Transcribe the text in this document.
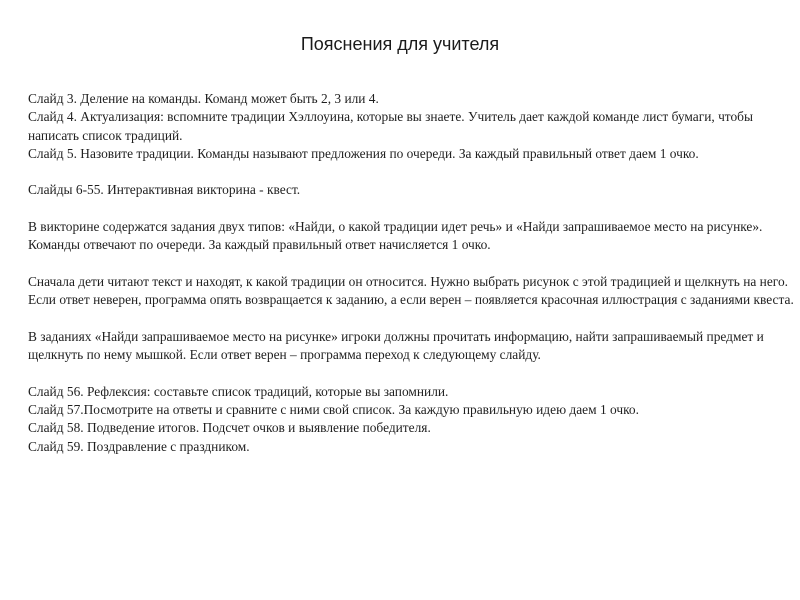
Пояснения для учителя

Слайд 3. Деление на команды. Команд может быть 2, 3 или 4.

Слайд 4. Актуализация: вспомните традиции Хэллоуина, которые вы знаете. Учитель дает каждой команде лист бумаги, чтобы написать список традиций.

Слайд 5. Назовите традиции. Команды называют предложения по очереди. За каждый правильный ответ даем 1 очко.

Слайды 6-55. Интерактивная викторина - квест.

В викторине содержатся задания двух типов: «Найди, о какой традиции идет речь» и «Найди запрашиваемое место на рисунке». Команды отвечают по очереди. За каждый правильный ответ начисляется 1 очко.

Сначала дети читают текст и находят, к какой традиции он относится. Нужно выбрать рисунок с этой традицией и щелкнуть на него. Если ответ неверен, программа опять возвращается к заданию, а если верен – появляется красочная иллюстрация с заданиями квеста.

В заданиях «Найди запрашиваемое место на рисунке» игроки должны прочитать информацию, найти запрашиваемый предмет и щелкнуть по нему мышкой. Если ответ верен – программа переход к следующему слайду.

Слайд 56. Рефлексия: составьте список традиций, которые вы запомнили.

Слайд 57.Посмотрите на ответы и сравните с ними свой список. За каждую правильную идею даем 1 очко.

Слайд 58. Подведение итогов. Подсчет очков и выявление победителя.

Слайд 59. Поздравление с праздником.
